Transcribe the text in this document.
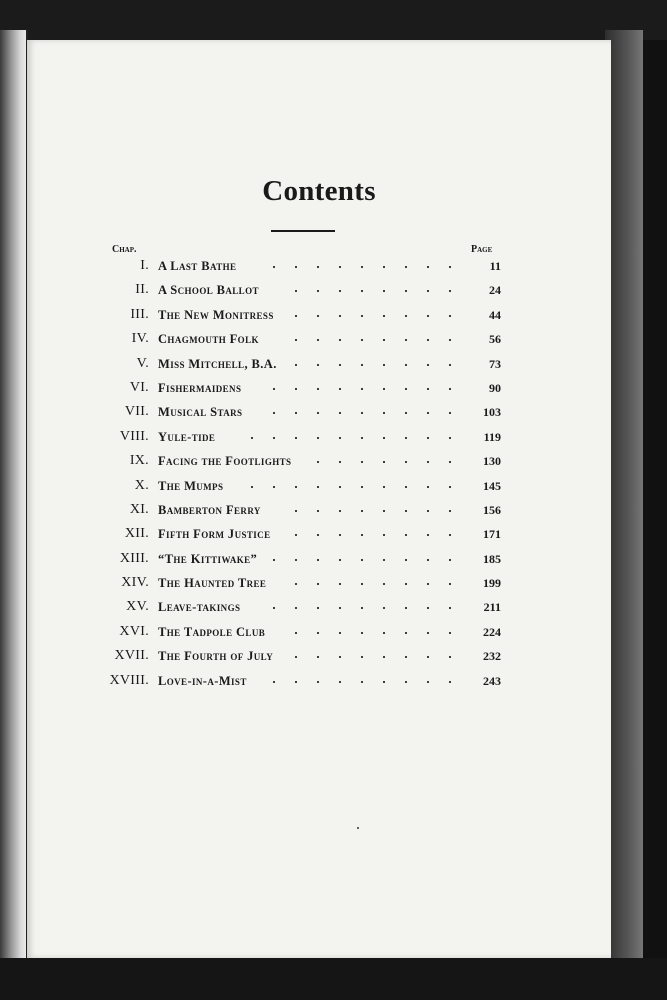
Contents
Chap.	Page
I. A Last Bathe	11
II. A School Ballot	24
III. The New Monitress	44
IV. Chagmouth Folk	56
V. Miss Mitchell, B.A.	73
VI. Fishermaidens	90
VII. Musical Stars	103
VIII. Yule-tide	119
IX. Facing the Footlights	130
X. The Mumps	145
XI. Bamberton Ferry	156
XII. Fifth Form Justice	171
XIII. “The Kittiwake”	185
XIV. The Haunted Tree	199
XV. Leave-takings	211
XVI. The Tadpole Club	224
XVII. The Fourth of July	232
XVIII. Love-in-a-Mist	243
